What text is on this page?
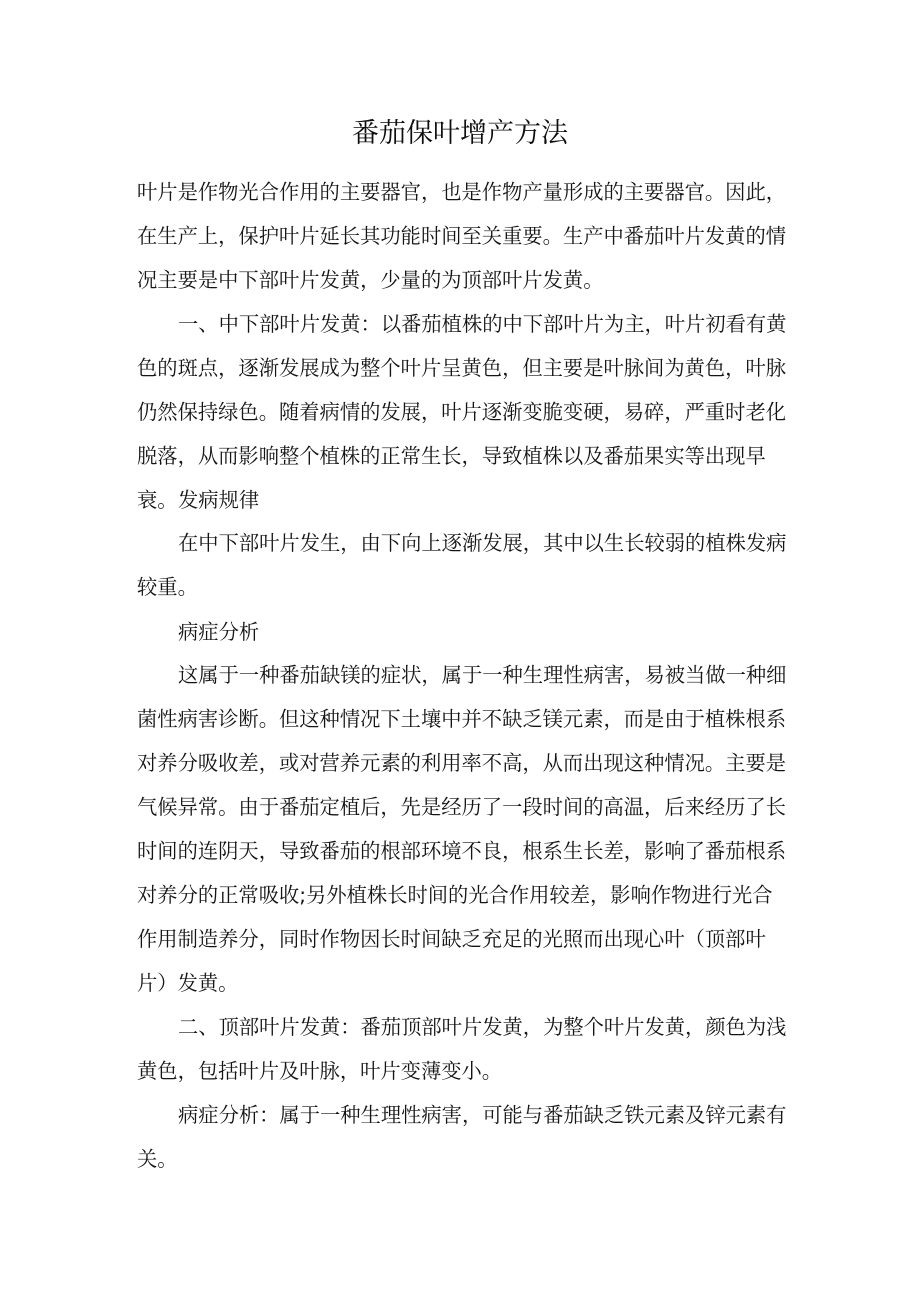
番茄保叶增产方法

叶片是作物光合作用的主要器官，也是作物产量形成的主要器官。因此，在生产上，保护叶片延长其功能时间至关重要。生产中番茄叶片发黄的情况主要是中下部叶片发黄，少量的为顶部叶片发黄。

一、中下部叶片发黄：以番茄植株的中下部叶片为主，叶片初看有黄色的斑点，逐渐发展成为整个叶片呈黄色，但主要是叶脉间为黄色，叶脉仍然保持绿色。随着病情的发展，叶片逐渐变脆变硬，易碎，严重时老化脱落，从而影响整个植株的正常生长，导致植株以及番茄果实等出现早衰。 发病规律

在中下部叶片发生，由下向上逐渐发展，其中以生长较弱的植株发病较重。

病症分析

这属于一种番茄缺镁的症状，属于一种生理性病害，易被当做一种细菌性病害诊断。但这种情况下土壤中并不缺乏镁元素，而是由于植株根系对养分吸收差，或对营养元素的利用率不高，从而出现这种情况。主要是气候异常。由于番茄定植后，先是经历了一段时间的高温，后来经历了长时间的连阴天，导致番茄的根部环境不良，根系生长差，影响了番茄根系对养分的正常吸收;另外植株长时间的光合作用较差，影响作物进行光合作用制造养分，同时作物因长时间缺乏充足的光照而出现心叶（顶部叶片）发黄。

二、顶部叶片发黄：番茄顶部叶片发黄，为整个叶片发黄，颜色为浅黄色，包括叶片及叶脉，叶片变薄变小。

病症分析：属于一种生理性病害，可能与番茄缺乏铁元素及锌元素有关。
